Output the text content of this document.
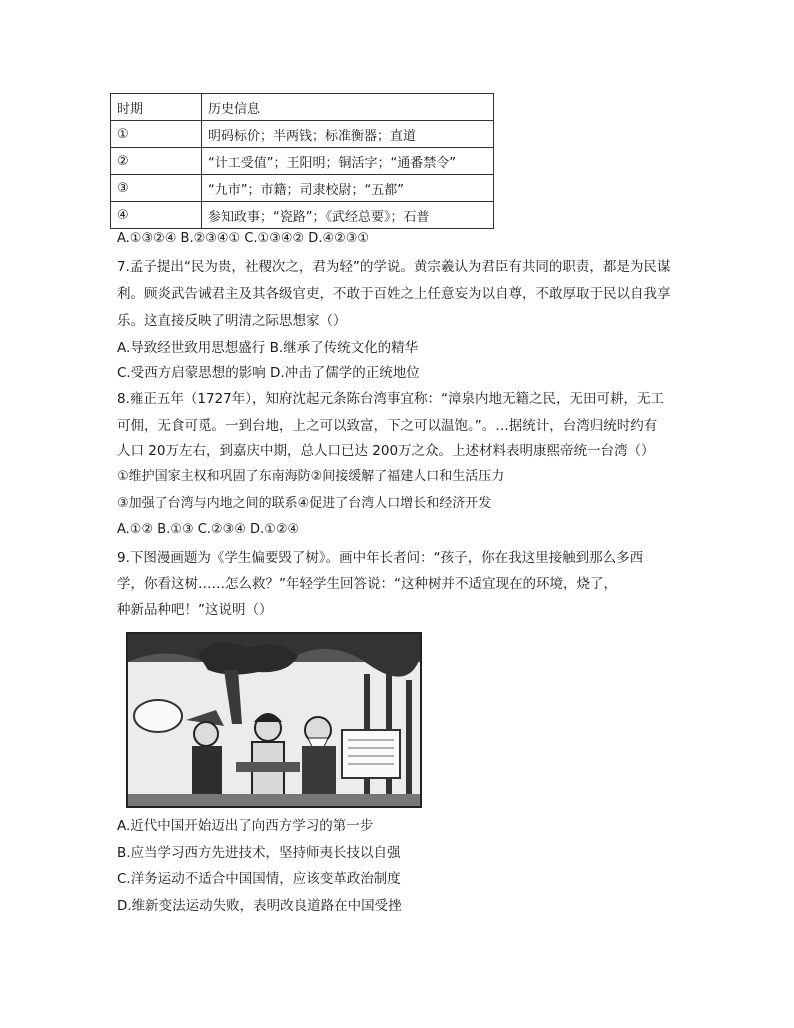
时期	历史信息
①	明码标价；半两钱；标准衡器；直道
②	“计工受值”；王阳明；铜活字；“通番禁令”
③	“九市”；市籍；司隶校尉；“五都”
④	参知政事；“瓷路”；《武经总要》；石普
A.①③②④ B.②③④① C.①③④② D.④②③①
7.孟子提出“民为贵，社稷次之，君为轻”的学说。黄宗羲认为君臣有共同的职责，都是为民谋
利。顾炎武告诫君主及其各级官吏，不敢于百姓之上任意妄为以自尊，不敢厚取于民以自我享
乐。这直接反映了明清之际思想家（）
A.导致经世致用思想盛行 B.继承了传统文化的精华
C.受西方启蒙思想的影响 D.冲击了儒学的正统地位
8.雍正五年（1727年），知府沈起元条陈台湾事宜称：“漳泉内地无籍之民，无田可耕，无工
可佣，无食可觅。一到台地，上之可以致富，下之可以温饱。”。…据统计，台湾归统时约有
人口 20万左右，到嘉庆中期，总人口已达 200万之众。上述材料表明康熙帝统一台湾（）
①维护国家主权和巩固了东南海防②间接缓解了福建人口和生活压力
③加强了台湾与内地之间的联系④促进了台湾人口增长和经济开发
A.①② B.①③ C.②③④ D.①②④
9.下图漫画题为《学生偏要毁了树》。画中年长者问：“孩子，你在我这里接触到那么多西
学，你看这树……怎么救？”年轻学生回答说：“这种树并不适宜现在的环境，烧了，
种新品种吧！”这说明（）
A.近代中国开始迈出了向西方学习的第一步
B.应当学习西方先进技术，坚持师夷长技以自强
C.洋务运动不适合中国国情，应该变革政治制度
D.维新变法运动失败，表明改良道路在中国受挫
